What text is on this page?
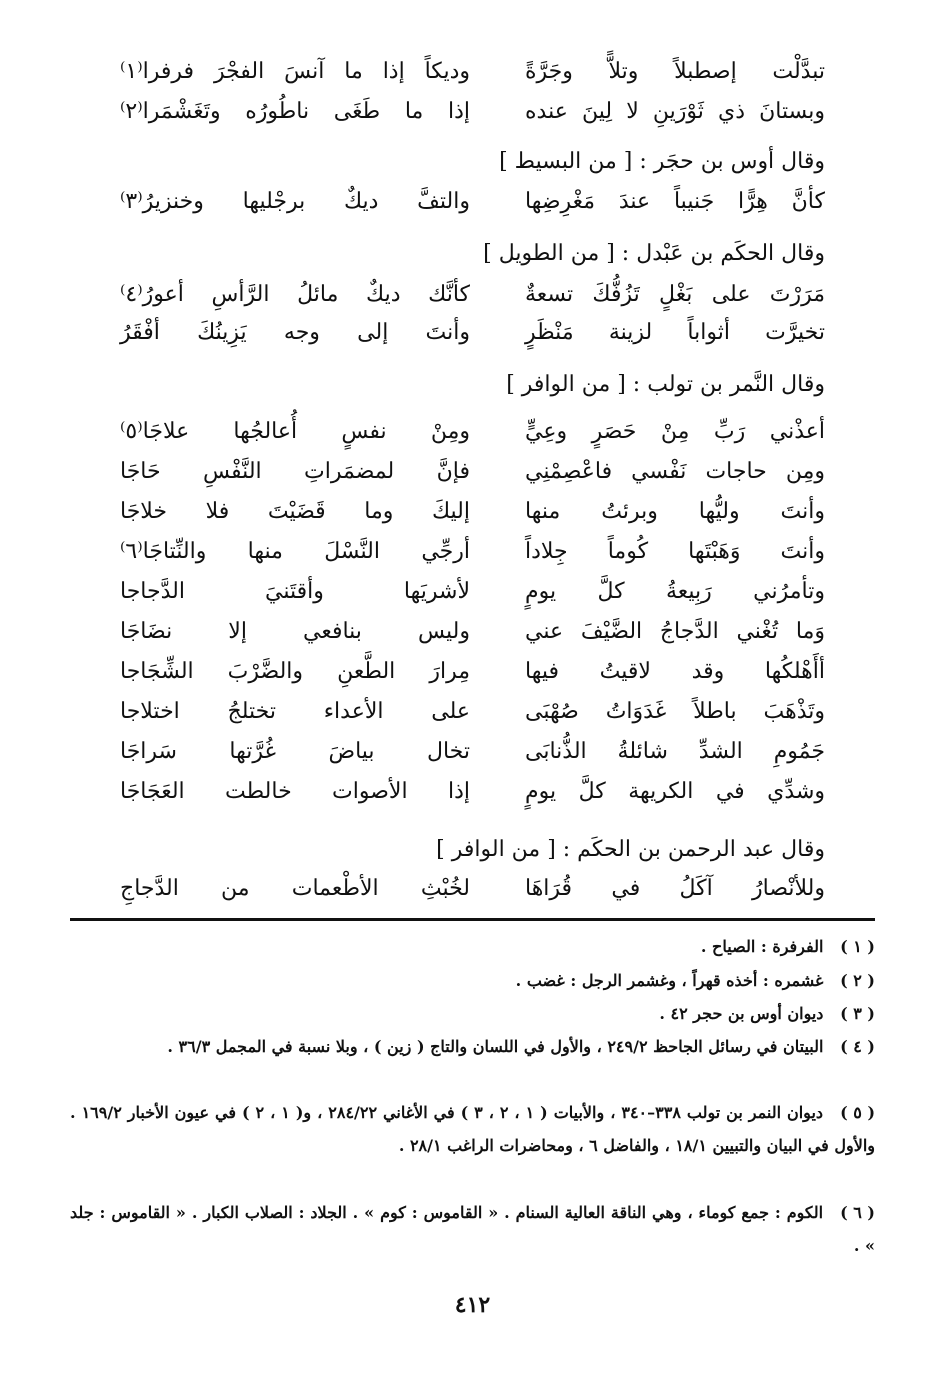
تبدَّلْت إصطبلاً وتلاًّ وجَرَّةً
وديكاً إذا ما آنسَ الفجْرَ فرفرا⁽١⁾
وبستانَ ذي ثَوْرَينِ لا لِينَ عنده
إذا ما طَغَى ناطُورُه وتَغَشْمَرا⁽٢⁾
وقال أوس بن حجَر : [ من البسيط ]
كأنَّ هِرًّا جَنيباً عندَ مَغْرِضِها
والتفَّ ديكٌ برجْليها وخنزيرُ⁽٣⁾
وقال الحكَم بن عَبْدل : [ من الطويل ]
مَرَرْتَ على بَغْلٍ تَزُفُّكَ تسعةٌ
كأنَّك ديكٌ مائلُ الرَّأسِ أعورُ⁽٤⁾
تخيرَّت أثواباً لزينة مَنْظَرٍ
وأنتَ إلى وجه يَزِينُكَ أفْقَرُ
وقال النَّمر بن تولب : [ من الوافر ]
أعذْني رَبِّ مِنْ حَصَرٍ وعِيٍّ
ومِنْ نفسٍ أُعالجُها علاجَا⁽٥⁾
ومِن حاجات نَفْسي فاعْصِمْنِي
فإنَّ لمضمَراتِ النَّفْسِ حَاجَا
وأنتَ وليُّها وبرئتُ منها
إليكَ وما قَضَيْتَ فلا خلاجَا
وأنتَ وَهَبْتَها كُوماً جِلاداً
أرجِّي النَّسْلَ منها والنِّتاجَا⁽٦⁾
وتأمرُني رَبِيعةُ كلَّ يومٍ
لأشريَها وأقتَنيَ الدَّجاجا
وَما تُغْني الدَّجاجُ الضَّيْفَ عني
وليس بنافعي إلا نضَاجَا
أأَهْلكُها وقد لاقيتُ فيها
مِرارَ الطَّعنِ والضَّرْبَ الشِّجَاجا
وتَذْهَبَ باطلاً غَدَوَاتُ صُهْبَى
على الأعداء تختلجُ اختلاجا
جَمُومِ الشدِّ شائلةُ الذُّنابَى
تخال بياضَ غُرَّتها سَراجَا
وشدِّي في الكريهة كلَّ يومٍ
إذا الأصوات خالطت العَجَاجَا
وقال عبد الرحمن بن الحكَم : [ من الوافر ]
وللأنْصارُ آكَلُ في قُرَاهَا
لخُبْثِ الأطْعمات من الدَّجاجِ
( ١ ) الفرفرة : الصياح .
( ٢ ) غشمره : أخذه قهراً ، وغشمر الرجل : غضب .
( ٣ ) ديوان أوس بن حجر ٤٢ .
( ٤ ) البيتان في رسائل الجاحظ ٢٤٩/٢ ، والأول في اللسان والتاج ( زين ) ، وبلا نسبة في المجمل ٣٦/٣ .
( ٥ ) ديوان النمر بن تولب ٣٣٨–٣٤٠ ، والأبيات ( ١ ، ٢ ، ٣ ) في الأغاني ٢٨٤/٢٢ ، و( ١ ، ٢ ) في عيون الأخبار ١٦٩/٢ . والأول في البيان والتبيين ١٨/١ ، والفاضل ٦ ، ومحاضرات الراغب ٢٨/١ .
( ٦ ) الكوم : جمع كوماء ، وهي الناقة العالية السنام . « القاموس : كوم » . الجلاد : الصلاب الكبار . « القاموس : جلد » .
٤١٢
